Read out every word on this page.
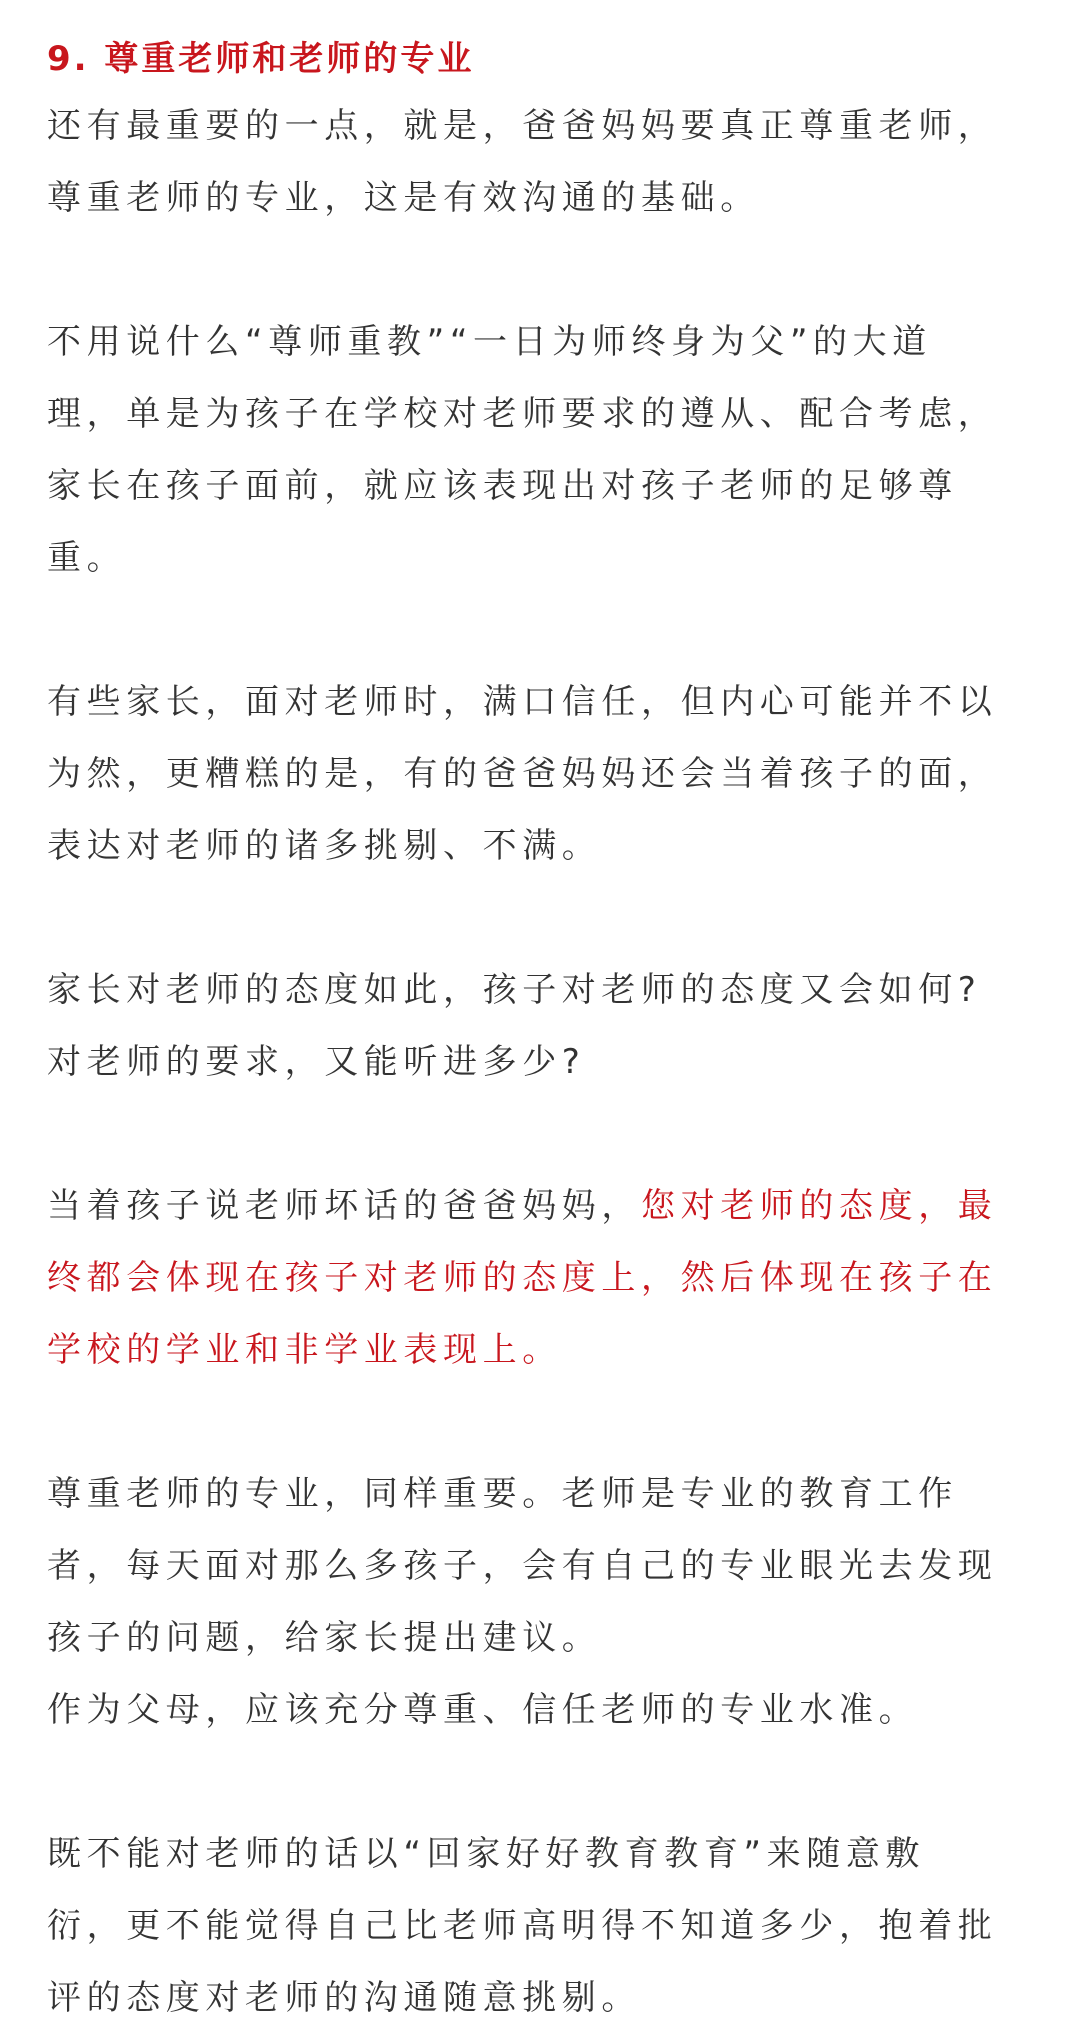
9. 尊重老师和老师的专业

还有最重要的一点，就是，爸爸妈妈要真正尊重老师，
尊重老师的专业，这是有效沟通的基础。

不用说什么“尊师重教”“一日为师终身为父”的大道
理，单是为孩子在学校对老师要求的遵从、配合考虑，
家长在孩子面前，就应该表现出对孩子老师的足够尊
重。

有些家长，面对老师时，满口信任，但内心可能并不以
为然，更糟糕的是，有的爸爸妈妈还会当着孩子的面，
表达对老师的诸多挑剔、不满。

家长对老师的态度如此，孩子对老师的态度又会如何?
对老师的要求，又能听进多少?

当着孩子说老师坏话的爸爸妈妈，您对老师的态度，最
终都会体现在孩子对老师的态度上，然后体现在孩子在
学校的学业和非学业表现上。

尊重老师的专业，同样重要。老师是专业的教育工作
者，每天面对那么多孩子，会有自己的专业眼光去发现
孩子的问题，给家长提出建议。
作为父母，应该充分尊重、信任老师的专业水准。

既不能对老师的话以“回家好好教育教育”来随意敷
衍，更不能觉得自己比老师高明得不知道多少，抱着批
评的态度对老师的沟通随意挑剔。
